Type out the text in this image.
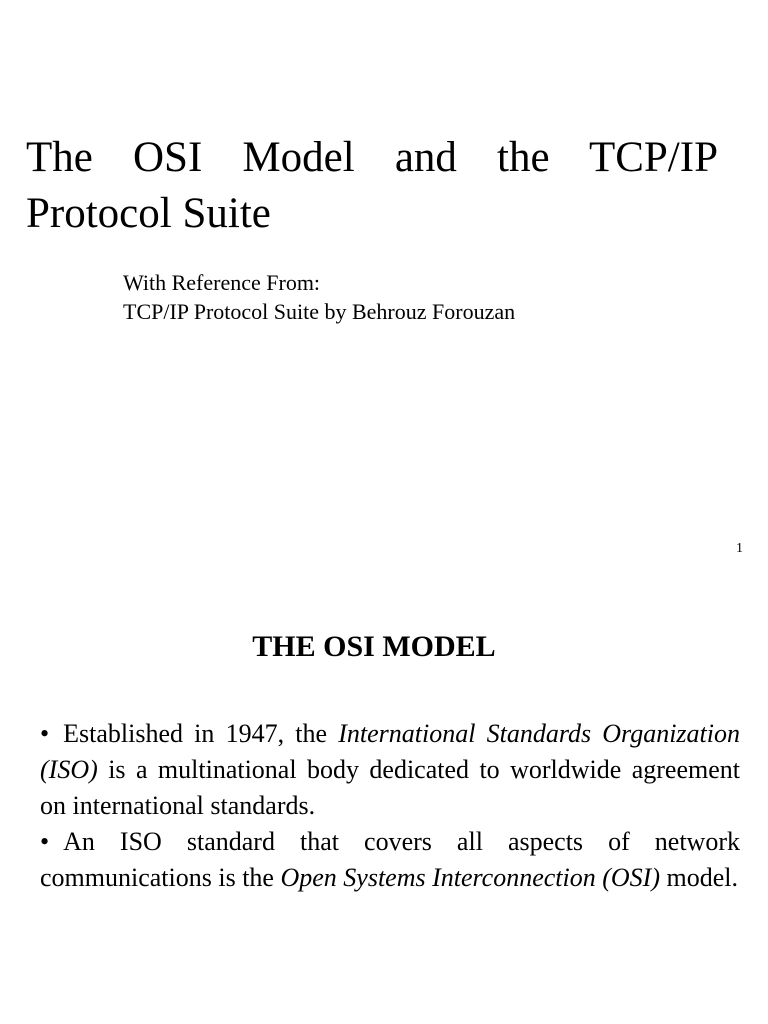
The OSI Model and the TCP/IP Protocol Suite
With Reference From:
TCP/IP Protocol Suite by Behrouz Forouzan
1
THE OSI MODEL
• Established in 1947, the International Standards Organization (ISO) is a multinational body dedicated to worldwide agreement on international standards.
• An ISO standard that covers all aspects of network communications is the Open Systems Interconnection (OSI) model.
